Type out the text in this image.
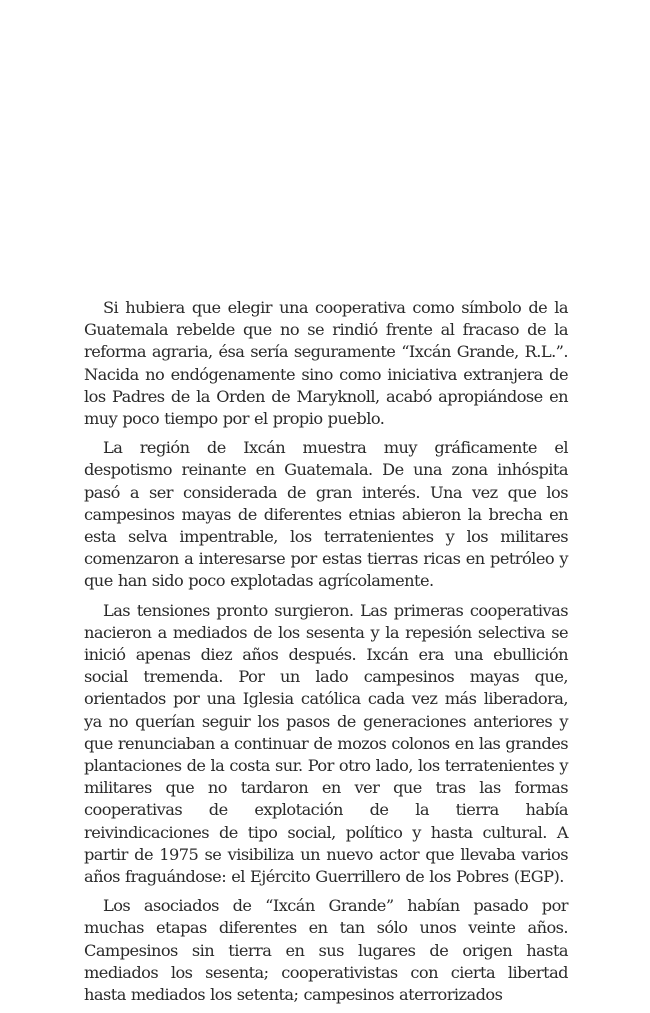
Si hubiera que elegir una cooperativa como símbolo de la Guatemala rebelde que no se rindió frente al fracaso de la reforma agraria, ésa sería seguramente “Ixcán Grande, R.L.”. Nacida no endógenamente sino como iniciativa extranjera de los Padres de la Orden de Maryknoll, acabó apropiándose en muy poco tiempo por el propio pueblo.

La región de Ixcán muestra muy gráficamente el despotismo reinante en Guatemala. De una zona inhóspita pasó a ser considerada de gran interés. Una vez que los campesinos mayas de diferentes etnias abieron la brecha en esta selva impentrable, los terratenientes y los militares comenzaron a interesarse por estas tierras ricas en petróleo y que han sido poco explotadas agrícolamente.

Las tensiones pronto surgieron. Las primeras cooperativas nacieron a mediados de los sesenta y la repesión selectiva se inició apenas diez años después. Ixcán era una ebullición social tremenda. Por un lado campesinos mayas que, orientados por una Iglesia católica cada vez más liberadora, ya no querían seguir los pasos de generaciones anteriores y que renunciaban a continuar de mozos colonos en las grandes plantaciones de la costa sur. Por otro lado, los terratenientes y militares que no tardaron en ver que tras las formas cooperativas de explotación de la tierra había reivindicaciones de tipo social, político y hasta cultural. A partir de 1975 se visibiliza un nuevo actor que llevaba varios años fraguándose: el Ejército Guerrillero de los Pobres (EGP).

Los asociados de “Ixcán Grande” habían pasado por muchas etapas diferentes en tan sólo unos veinte años. Campesinos sin tierra en sus lugares de origen hasta mediados los sesenta; cooperativistas con cierta libertad hasta mediados los setenta; campesinos aterrorizados
